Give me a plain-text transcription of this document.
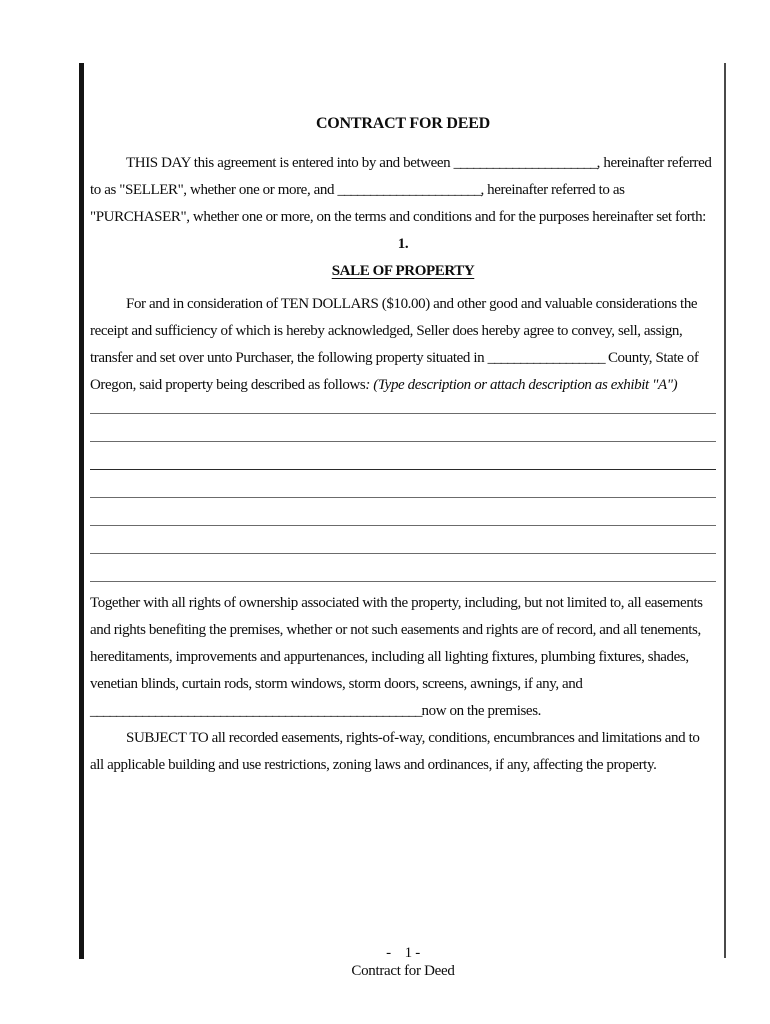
CONTRACT FOR DEED

THIS DAY this agreement is entered into by and between ______________________, hereinafter referred to as "SELLER", whether one or more, and ______________________, hereinafter referred to as "PURCHASER", whether one or more, on the terms and conditions and for the purposes hereinafter set forth:

1.
SALE OF PROPERTY

For and in consideration of TEN DOLLARS ($10.00) and other good and valuable considerations the receipt and sufficiency of which is hereby acknowledged, Seller does hereby agree to convey, sell, assign, transfer and set over unto Purchaser, the following property situated in __________________ County, State of Oregon, said property being described as follows: (Type description or attach description as exhibit "A")

Together with all rights of ownership associated with the property, including, but not limited to, all easements and rights benefiting the premises, whether or not such easements and rights are of record, and all tenements, hereditaments, improvements and appurtenances, including all lighting fixtures, plumbing fixtures, shades, venetian blinds, curtain rods, storm windows, storm doors, screens, awnings, if any, and ___________________________________________________now on the premises.

SUBJECT TO all recorded easements, rights-of-way, conditions, encumbrances and limitations and to all applicable building and use restrictions, zoning laws and ordinances, if any, affecting the property.

-    1 -
Contract for Deed
